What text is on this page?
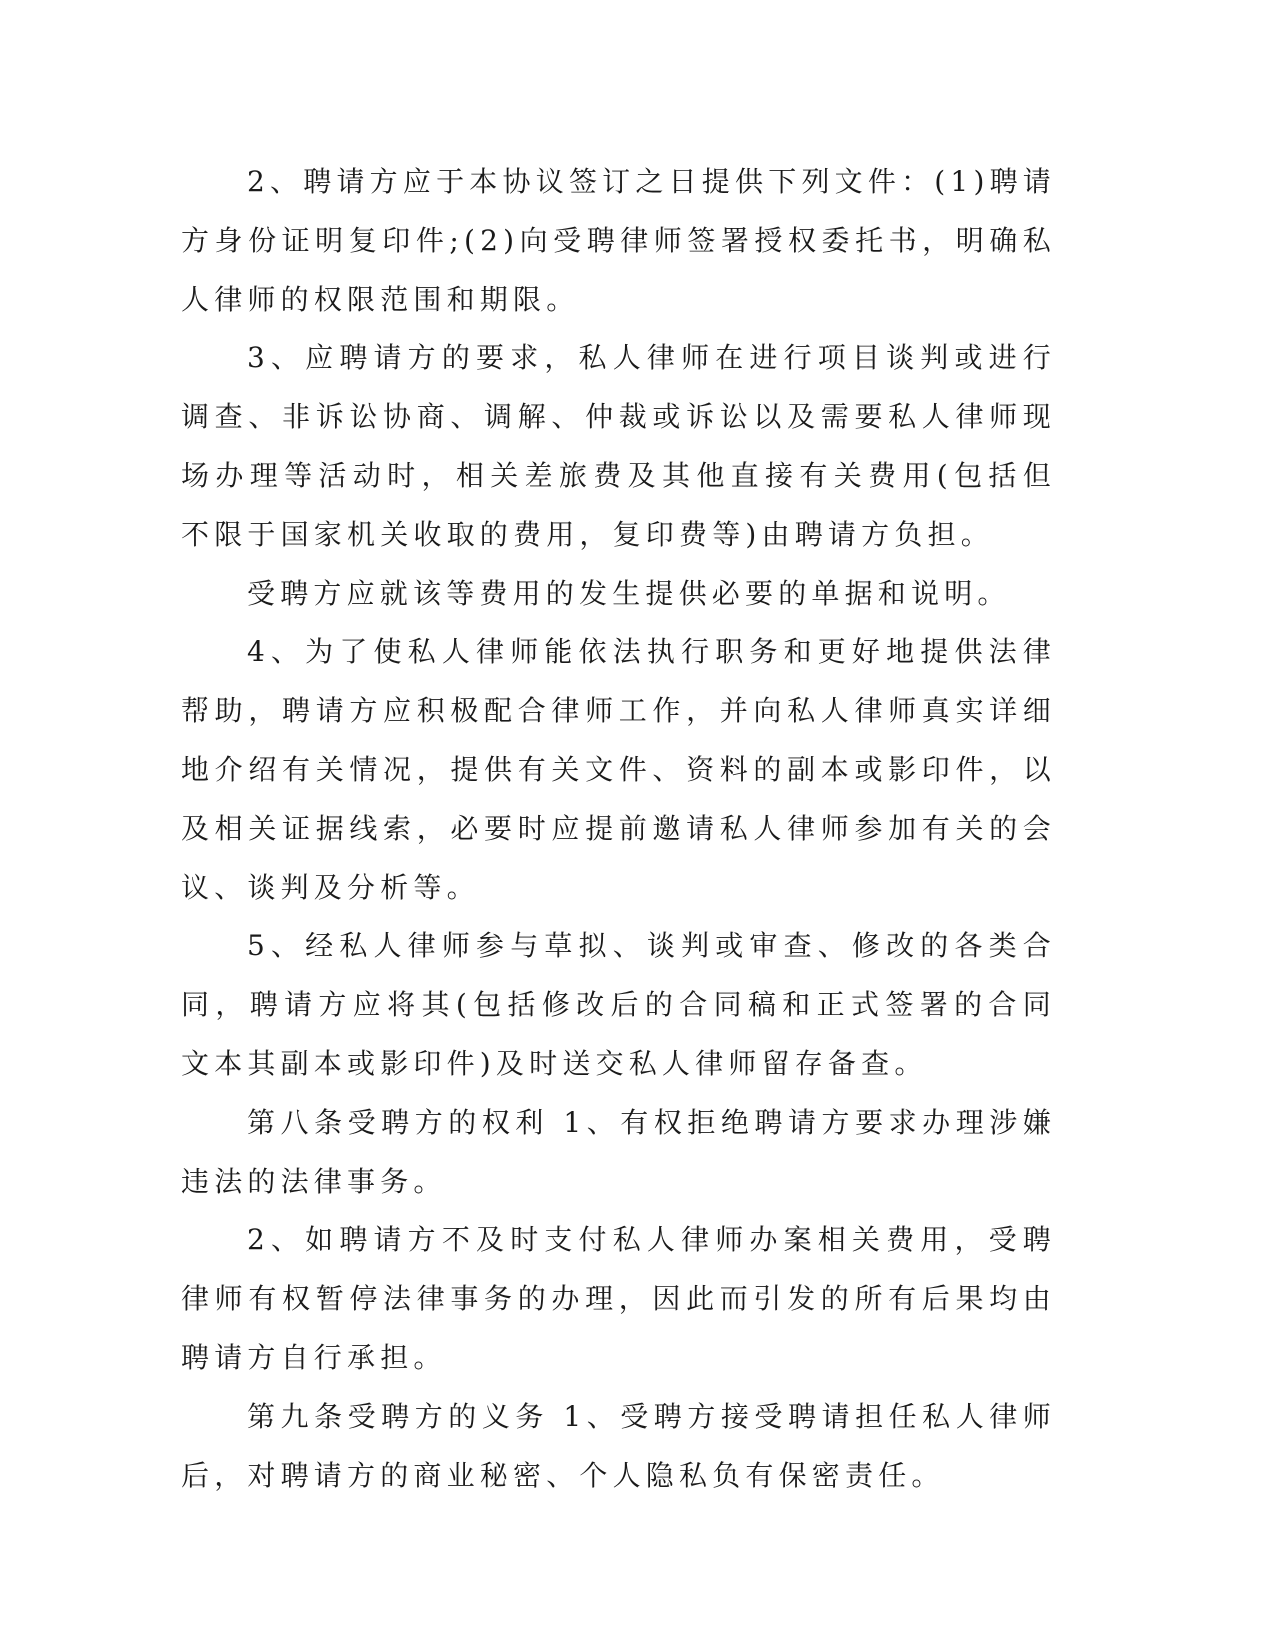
2、聘请方应于本协议签订之日提供下列文件：(1)聘请方身份证明复印件;(2)向受聘律师签署授权委托书，明确私人律师的权限范围和期限。

3、应聘请方的要求，私人律师在进行项目谈判或进行调查、非诉讼协商、调解、仲裁或诉讼以及需要私人律师现场办理等活动时，相关差旅费及其他直接有关费用(包括但不限于国家机关收取的费用，复印费等)由聘请方负担。

受聘方应就该等费用的发生提供必要的单据和说明。

4、为了使私人律师能依法执行职务和更好地提供法律帮助，聘请方应积极配合律师工作，并向私人律师真实详细地介绍有关情况，提供有关文件、资料的副本或影印件，以及相关证据线索，必要时应提前邀请私人律师参加有关的会议、谈判及分析等。

5、经私人律师参与草拟、谈判或审查、修改的各类合同，聘请方应将其(包括修改后的合同稿和正式签署的合同文本其副本或影印件)及时送交私人律师留存备查。

第八条受聘方的权利 1、有权拒绝聘请方要求办理涉嫌违法的法律事务。

2、如聘请方不及时支付私人律师办案相关费用，受聘律师有权暂停法律事务的办理，因此而引发的所有后果均由聘请方自行承担。

第九条受聘方的义务 1、受聘方接受聘请担任私人律师后，对聘请方的商业秘密、个人隐私负有保密责任。
